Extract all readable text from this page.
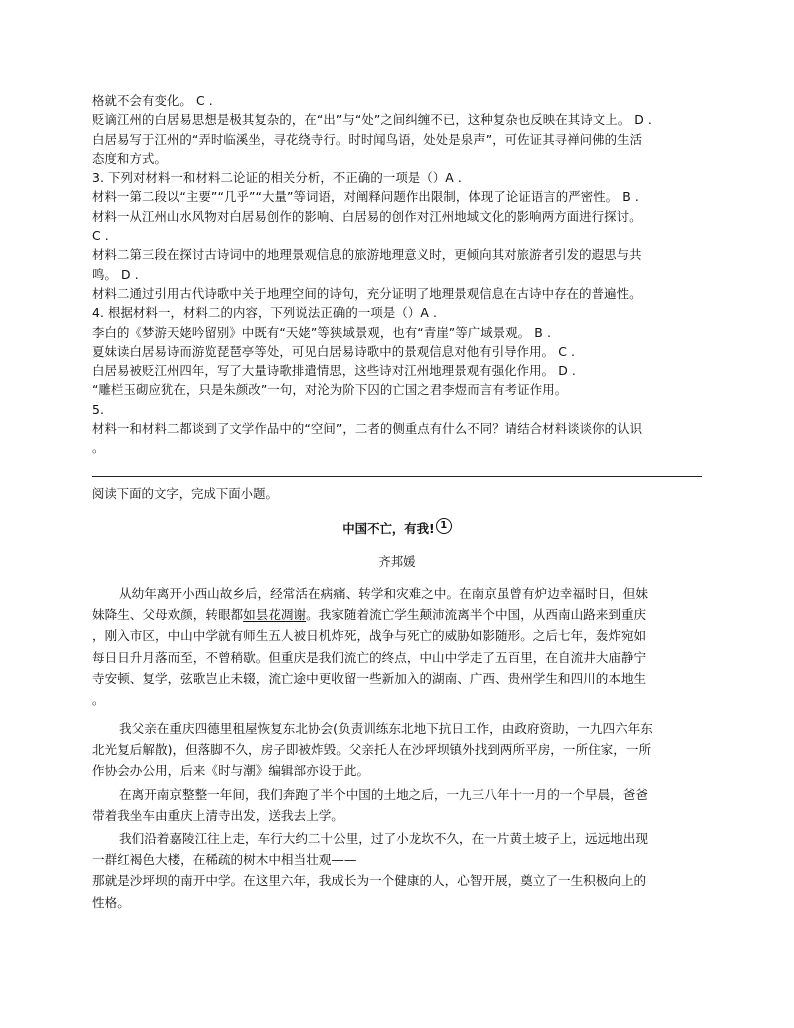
格就不会有变化。 C .
贬谪江州的白居易思想是极其复杂的，在“出”与“处”之间纠缠不已，这种复杂也反映在其诗文上。 D .
白居易写于江州的“弄时临溪坐，寻花绕寺行。时时闻鸟语，处处是泉声”，可佐证其寻禅问佛的生活
态度和方式。
3. 下列对材料一和材料二论证的相关分析，不正确的一项是（）A .
材料一第二段以“主要”“几乎”“大量”等词语，对阐释问题作出限制，体现了论证语言的严密性。 B .
材料一从江州山水风物对白居易创作的影响、白居易的创作对江州地域文化的影响两方面进行探讨。
C .
材料二第三段在探讨古诗词中的地理景观信息的旅游地理意义时，更倾向其对旅游者引发的遐思与共
鸣。 D .
材料二通过引用古代诗歌中关于地理空间的诗句，充分证明了地理景观信息在古诗中存在的普遍性。
4. 根据材料一，材料二的内容，下列说法正确的一项是（）A .
李白的《梦游天姥吟留别》中既有“天姥”等狭域景观，也有“青崖”等广域景观。 B .
夏妹读白居易诗而游览琵琶亭等处，可见白居易诗歌中的景观信息对他有引导作用。 C .
白居易被贬江州四年，写了大量诗歌排遣情思，这些诗对江州地理景观有强化作用。 D .
“雕栏玉砌应犹在，只是朱颜改”一句，对沦为阶下囚的亡国之君李煜而言有考证作用。
5.
材料一和材料二都谈到了文学作品中的“空间”，二者的侧重点有什么不同？请结合材料谈谈你的认识
。
阅读下面的文字，完成下面小题。
中国不亡，有我! 1
齐邦媛
从幼年离开小西山故乡后，经常活在病痛、转学和灾难之中。在南京虽曾有炉边幸福时日，但妹
妹降生、父母欢颜，转眼都如昙花凋谢。我家随着流亡学生颠沛流离半个中国，从西南山路来到重庆
，刚入市区，中山中学就有师生五人被日机炸死，战争与死亡的威胁如影随形。之后七年，轰炸宛如
每日日升月落而至，不曾稍歇。但重庆是我们流亡的终点，中山中学走了五百里，在自流井大庙静宁
寺安顿、复学，弦歌岂止未辍，流亡途中更收留一些新加入的湖南、广西、贵州学生和四川的本地生
。
我父亲在重庆四德里租屋恢复东北协会(负责训练东北地下抗日工作，由政府资助，一九四六年东
北光复后解散)，但落脚不久，房子即被炸毁。父亲托人在沙坪坝镇外找到两所平房，一所住家，一所
作协会办公用，后来《时与潮》编辑部亦设于此。
在离开南京整整一年间，我们奔跑了半个中国的土地之后，一九三八年十一月的一个早晨，爸爸
带着我坐车由重庆上清寺出发，送我去上学。
我们沿着嘉陵江往上走，车行大约二十公里，过了小龙坎不久，在一片黄土坡子上，远远地出现
一群红褐色大楼，在稀疏的树木中相当壮观——
那就是沙坪坝的南开中学。在这里六年，我成长为一个健康的人，心智开展，奠立了一生积极向上的
性格。
